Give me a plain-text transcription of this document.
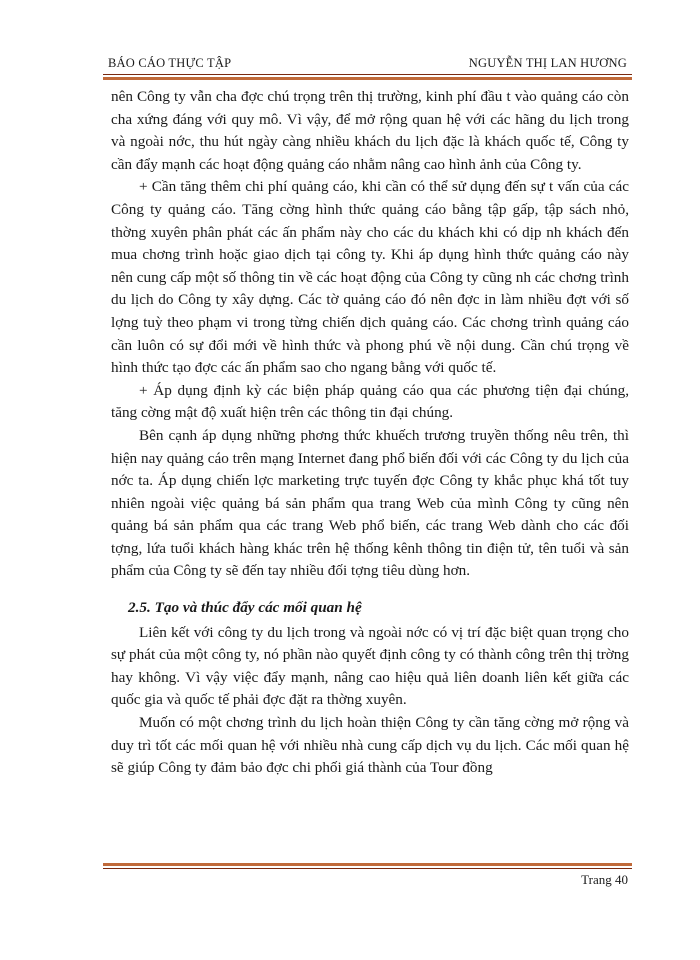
BÁO CÁO THỰC TẬP	NGUYỄN THỊ LAN HƯƠNG

nên Công ty vẫn cha đợc chú trọng trên thị trường, kinh phí đầu t vào quảng cáo còn cha xứng đáng với quy mô. Vì vậy, để mở rộng quan hệ với các hãng du lịch trong và ngoài nớc, thu hút ngày càng nhiều khách du lịch đặc là khách quốc tế, Công ty cần đẩy mạnh các hoạt động quảng cáo nhằm nâng cao hình ảnh của Công ty.

+ Cần tăng thêm chi phí quảng cáo, khi cần có thể sử dụng đến sự t vấn của các Công ty quảng cáo. Tăng cờng hình thức quảng cáo bằng tập gấp, tập sách nhỏ, thờng xuyên phân phát các ấn phẩm này cho các du khách khi có dịp nh khách đến mua chơng trình hoặc giao dịch tại công ty. Khi áp dụng hình thức quảng cáo này nên cung cấp một số thông tin về các hoạt động của Công ty cũng nh các chơng trình du lịch do Công ty xây dựng. Các tờ quảng cáo đó nên đợc in làm nhiều đợt với số lợng tuỳ theo phạm vi trong từng chiến dịch quảng cáo. Các chơng trình quảng cáo cần luôn có sự đổi mới về hình thức và phong phú về nội dung. Cần chú trọng về hình thức tạo đợc các ấn phẩm sao cho ngang bằng với quốc tế.

+ Áp dụng định kỳ các biện pháp quảng cáo qua các phương tiện đại chúng, tăng cờng mật độ xuất hiện trên các thông tin đại chúng.

Bên cạnh áp dụng những phơng thức khuếch trương truyền thống nêu trên, thì hiện nay quảng cáo trên mạng Internet đang phổ biến đối với các Công ty du lịch của nớc ta. Áp dụng chiến lợc marketing trực tuyến đợc Công ty khắc phục khá tốt tuy nhiên ngoài việc quảng bá sản phẩm qua trang Web của mình Công ty cũng nên quảng bá sản phẩm qua các trang Web phổ biến, các trang Web dành cho các đối tợng, lứa tuổi khách hàng khác trên hệ thống kênh thông tin điện tử, tên tuổi và sản phẩm của Công ty sẽ đến tay nhiều đối tợng tiêu dùng hơn.

2.5. Tạo và thúc đẩy các mối quan hệ

Liên kết với công ty du lịch trong và ngoài nớc có vị trí đặc biệt quan trọng cho sự phát của một công ty, nó phần nào quyết định công ty có thành công trên thị trờng hay không. Vì vậy việc đẩy mạnh, nâng cao hiệu quả liên doanh liên kết giữa các quốc gia và quốc tế phải đợc đặt ra thờng xuyên.

Muốn có một chơng trình du lịch hoàn thiện Công ty cần tăng cờng mở rộng và duy trì tốt các mối quan hệ với nhiều nhà cung cấp dịch vụ du lịch. Các mối quan hệ sẽ giúp Công ty đảm bảo đợc chi phối giá thành của Tour đồng

Trang 40
